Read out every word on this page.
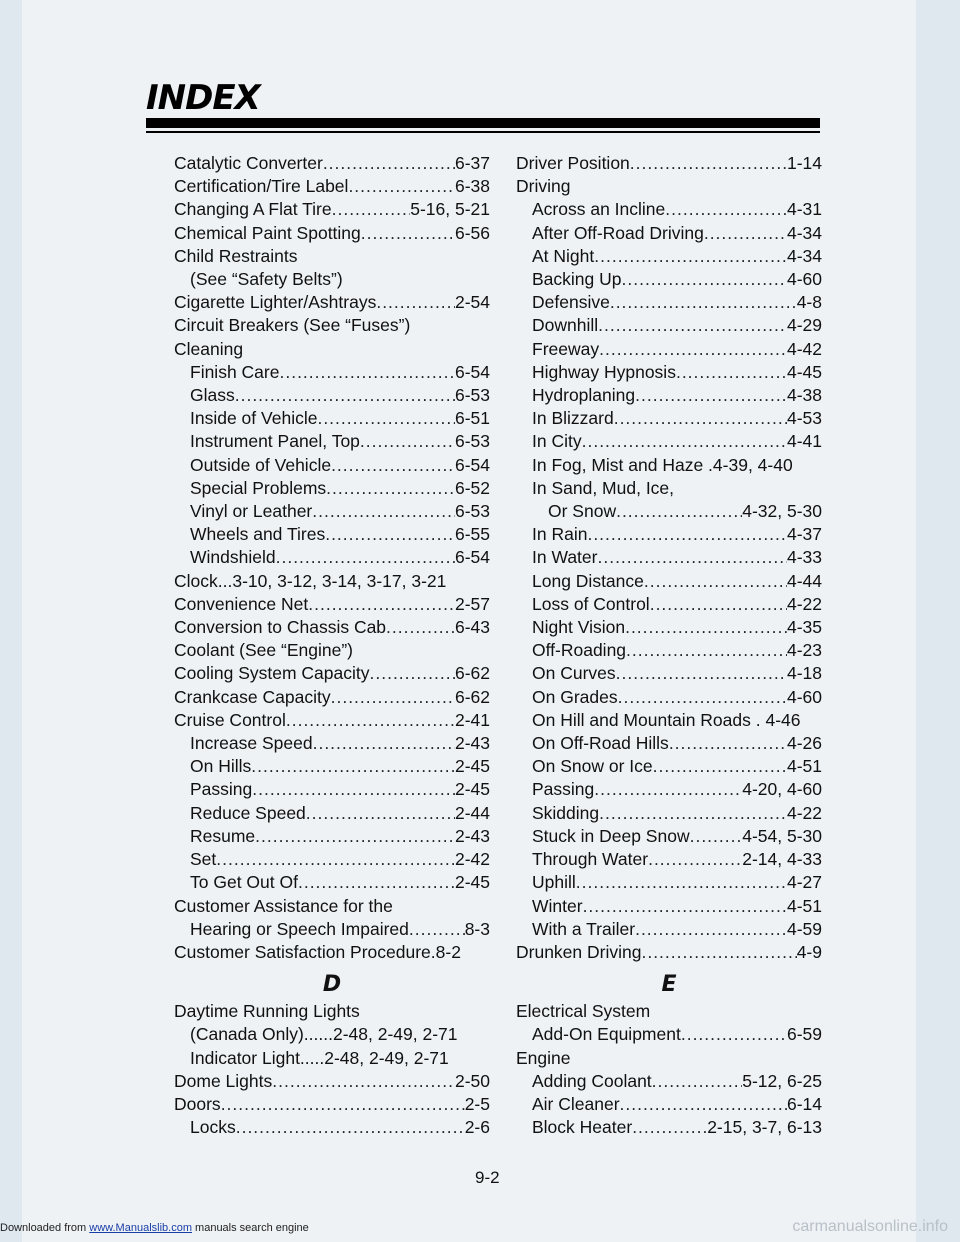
INDEX
Catalytic Converter .....	6-37
Certification/Tire Label .....	6-38
Changing A Flat Tire .....	5-16, 5-21
Chemical Paint Spotting .....	6-56
Child Restraints
(See “Safety Belts”)
Cigarette Lighter/Ashtrays .....	2-54
Circuit Breakers (See “Fuses”)
Cleaning
Finish Care .....	6-54
Glass .....	6-53
Inside of Vehicle .....	6-51
Instrument Panel, Top .....	6-53
Outside of Vehicle .....	6-54
Special Problems .....	6-52
Vinyl or Leather .....	6-53
Wheels and Tires .....	6-55
Windshield .....	6-54
Clock...3-10, 3-12, 3-14, 3-17, 3-21
Convenience Net .....	2-57
Conversion to Chassis Cab .....	6-43
Coolant (See “Engine”)
Cooling System Capacity .....	6-62
Crankcase Capacity .....	6-62
Cruise Control .....	2-41
Increase Speed .....	2-43
On Hills .....	2-45
Passing .....	2-45
Reduce Speed .....	2-44
Resume .....	2-43
Set .....	2-42
To Get Out Of .....	2-45
Customer Assistance for the
Hearing or Speech Impaired .....	8-3
Customer Satisfaction Procedure.8-2
D
Daytime Running Lights
(Canada Only)......2-48, 2-49, 2-71
Indicator Light.....2-48, 2-49, 2-71
Dome Lights .....	2-50
Doors .....	2-5
Locks .....	2-6
Driver Position .....	1-14
Driving
Across an Incline .....	4-31
After Off-Road Driving .....	4-34
At Night .....	4-34
Backing Up .....	4-60
Defensive .....	4-8
Downhill .....	4-29
Freeway .....	4-42
Highway Hypnosis .....	4-45
Hydroplaning .....	4-38
In Blizzard .....	4-53
In City .....	4-41
In Fog, Mist and Haze .4-39, 4-40
In Sand, Mud, Ice,
Or Snow .....	4-32, 5-30
In Rain .....	4-37
In Water .....	4-33
Long Distance .....	4-44
Loss of Control .....	4-22
Night Vision .....	4-35
Off-Roading .....	4-23
On Curves .....	4-18
On Grades .....	4-60
On Hill and Mountain Roads . 4-46
On Off-Road Hills .....	4-26
On Snow or Ice .....	4-51
Passing .....	4-20, 4-60
Skidding .....	4-22
Stuck in Deep Snow .....	4-54, 5-30
Through Water .....	2-14, 4-33
Uphill .....	4-27
Winter .....	4-51
With a Trailer .....	4-59
Drunken Driving .....	4-9
E
Electrical System
Add-On Equipment .....	6-59
Engine
Adding Coolant .....	5-12, 6-25
Air Cleaner .....	6-14
Block Heater .....	2-15, 3-7, 6-13
9-2
Downloaded from www.Manualslib.com manuals search engine	carmanualsonline.info
